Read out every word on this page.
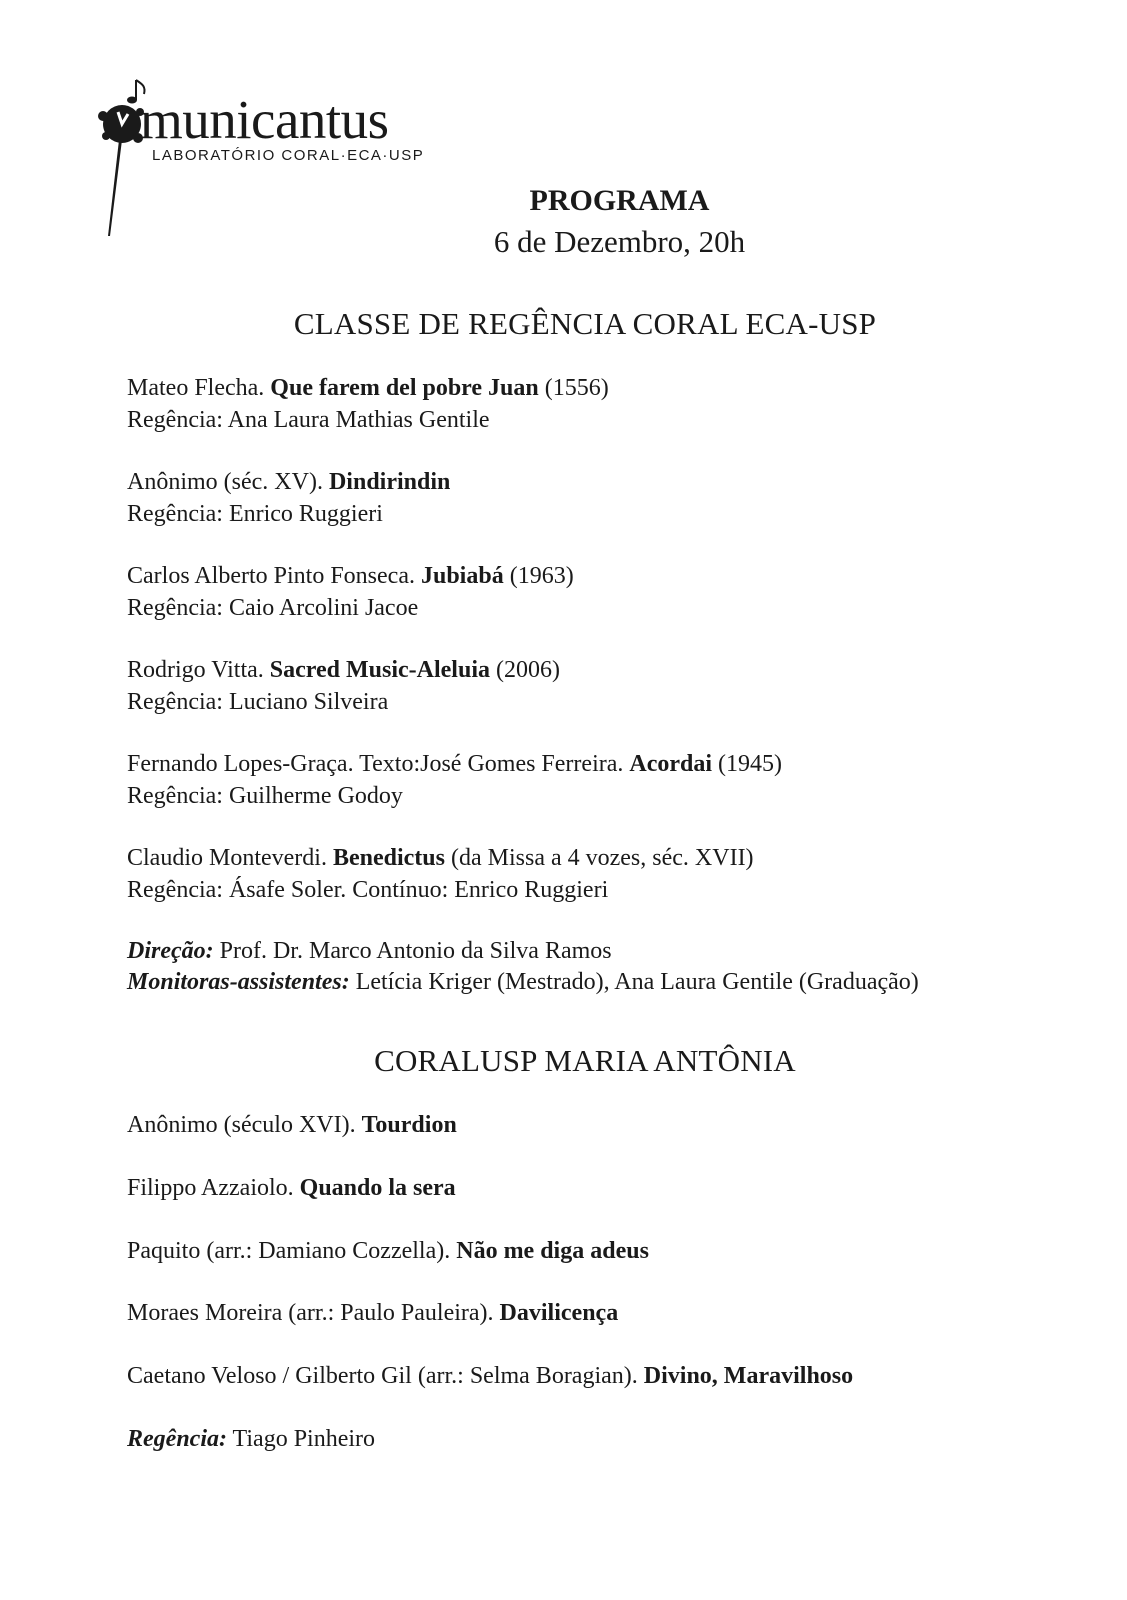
municantus
LABORATÓRIO CORAL·ECA·USP
PROGRAMA
6 de Dezembro, 20h
CLASSE DE REGÊNCIA CORAL ECA-USP
Mateo Flecha. Que farem del pobre Juan (1556)
Regência: Ana Laura Mathias Gentile
Anônimo (séc. XV). Dindirindin
Regência: Enrico Ruggieri
Carlos Alberto Pinto Fonseca. Jubiabá (1963)
Regência: Caio Arcolini Jacoe
Rodrigo Vitta. Sacred Music-Aleluia (2006)
Regência: Luciano Silveira
Fernando Lopes-Graça. Texto:José Gomes Ferreira. Acordai (1945)
Regência: Guilherme Godoy
Claudio Monteverdi. Benedictus (da Missa a 4 vozes, séc. XVII)
Regência: Ásafe Soler. Contínuo: Enrico Ruggieri
Direção: Prof. Dr. Marco Antonio da Silva Ramos
Monitoras-assistentes: Letícia Kriger (Mestrado), Ana Laura Gentile (Graduação)
CORALUSP MARIA ANTÔNIA
Anônimo (século XVI). Tourdion
Filippo Azzaiolo. Quando la sera
Paquito (arr.: Damiano Cozzella). Não me diga adeus
Moraes Moreira (arr.: Paulo Pauleira). Davilicença
Caetano Veloso / Gilberto Gil (arr.: Selma Boragian). Divino, Maravilhoso
Regência: Tiago Pinheiro
